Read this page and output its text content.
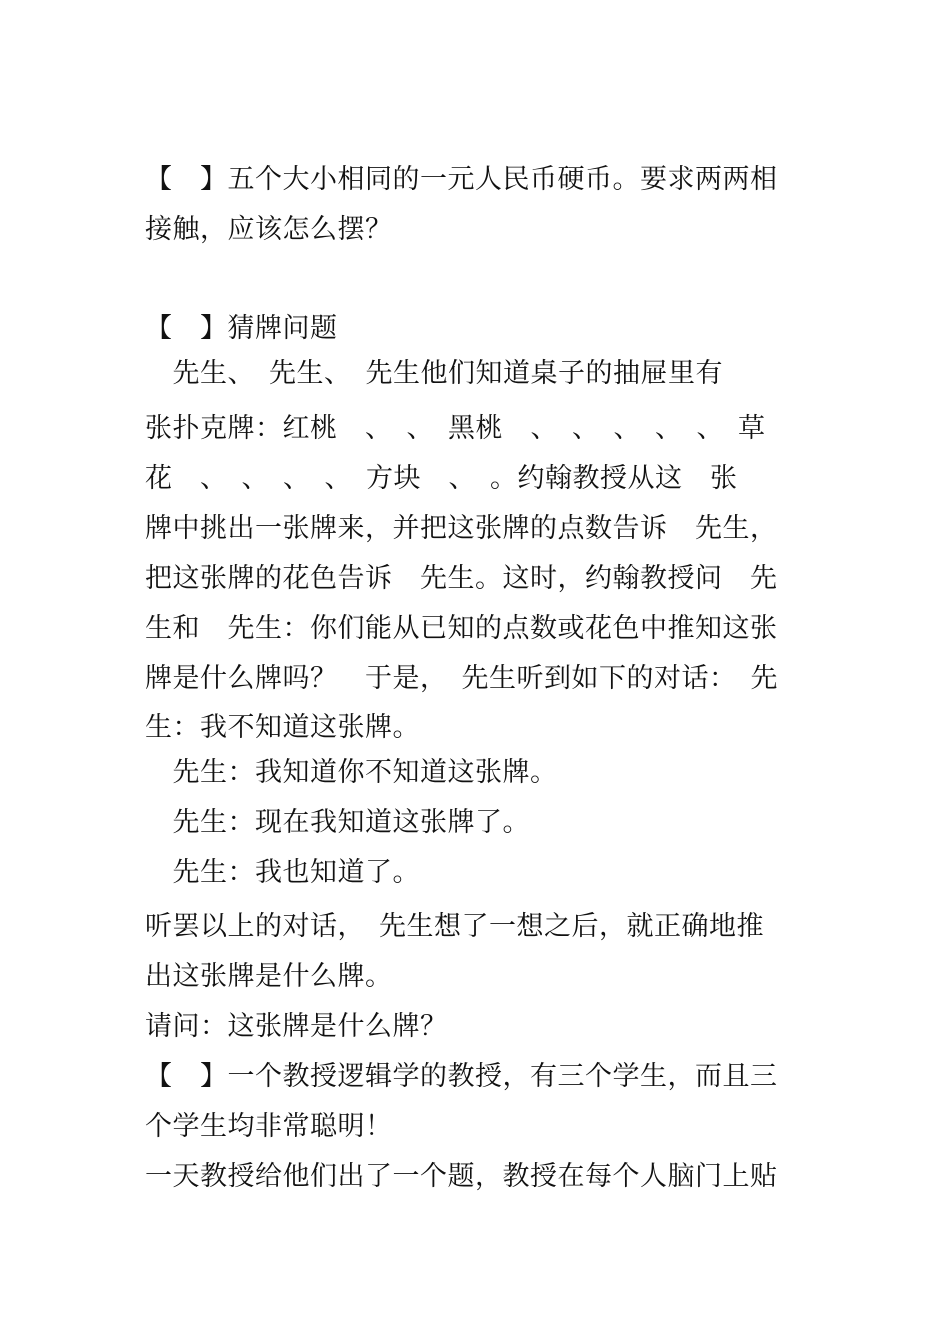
【　】五个大小相同的一元人民币硬币。要求两两相
接触，应该怎么摆？
【　】猜牌问题
　先生、　先生、　先生他们知道桌子的抽屉里有
张扑克牌：红桃　、　、　黑桃　、　、　、　、　、　草
花　、　、　、　、　方块　、　。约翰教授从这　张
牌中挑出一张牌来，并把这张牌的点数告诉　先生，
把这张牌的花色告诉　先生。这时，约翰教授问　先
生和　先生：你们能从已知的点数或花色中推知这张
牌是什么牌吗？　于是，　先生听到如下的对话：　先
生：我不知道这张牌。
　先生：我知道你不知道这张牌。
　先生：现在我知道这张牌了。
　先生：我也知道了。
听罢以上的对话，　先生想了一想之后，就正确地推
出这张牌是什么牌。
请问：这张牌是什么牌？
【　】一个教授逻辑学的教授，有三个学生，而且三
个学生均非常聪明！
一天教授给他们出了一个题，教授在每个人脑门上贴
